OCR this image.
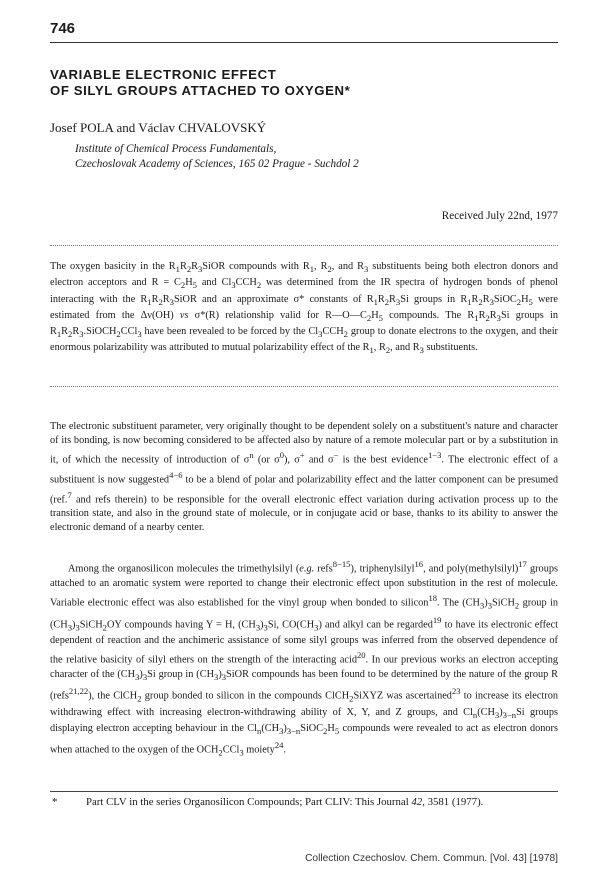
746
VARIABLE ELECTRONIC EFFECT
OF SILYL GROUPS ATTACHED TO OXYGEN*
Josef POLA and Václav CHVALOVSKÝ
Institute of Chemical Process Fundamentals,
Czechoslovak Academy of Sciences, 165 02 Prague - Suchdol 2
Received July 22nd, 1977

The oxygen basicity in the $R_1R_2R_3SiOR$ compounds with $R_1$, $R_2$, and $R_3$ substituents being both electron donors and electron acceptors and $R = C_2H_5$ and $Cl_3CCH_2$ was determined from the IR spectra of hydrogen bonds of phenol interacting with the $R_1R_2R_3SiOR$ and an approximate σ* constants of $R_1R_2R_3Si$ groups in $R_1R_2R_3SiOC_2H_5$ were estimated from the Δν(OH) vs σ*(R) relationship valid for $R—O—C_2H_5$ compounds. The $R_1R_2R_3Si$ groups in $R_1R_2R_3.SiOCH_2CCl_3$ have been revealed to be forced by the $Cl_3CCH_2$ group to donate electrons to the oxygen, and their enormous polarizability was attributed to mutual polarizability effect of the $R_1$, $R_2$, and $R_3$ substituents.

The electronic substituent parameter, very originally thought to be dependent solely on a substituent's nature and character of its bonding, is now becoming considered to be affected also by nature of a remote molecular part or by a substitution in it, of which the necessity of introduction of $\sigma^n$ (or $\sigma^0$), σ+ and σ− is the best evidence$^{1-3}$. The electronic effect of a substituent is now suggested$^{4-6}$ to be a blend of polar and polarizability effect and the latter component can be presumed (ref.$^7$ and refs therein) to be responsible for the overall electronic effect variation during activation process up to the transition state, and also in the ground state of molecule, or in conjugate acid or base, thanks to its ability to answer the electronic demand of a nearby center.

Among the organosilicon molecules the trimethylsilyl (e.g. refs$^{8-15}$), triphenylsilyl$^{16}$, and poly(methylsilyl)$^{17}$ groups attached to an aromatic system were reported to change their electronic effect upon substitution in the rest of molecule. Variable electronic effect was also established for the vinyl group when bonded to silicon$^{18}$. The $(CH_3)_3SiCH_2$ group in $(CH_3)_3SiCH_2OY$ compounds having Y = H, $(CH_3)_3Si$, $CO(CH_3)$ and alkyl can be regarded$^{19}$ to have its electronic effect dependent of reaction and the anchimeric assistance of some silyl groups was inferred from the observed dependence of the relative basicity of silyl ethers on the strength of the interacting acid$^{20}$. In our previous works an electron accepting character of the $(CH_3)_3Si$ group in $(CH_3)_3SiOR$ compounds has been found to be determined by the nature of the group R (refs$^{21,22}$), the ClCH$_2$ group bonded to silicon in the compounds ClCH$_2$SiXYZ was ascertained$^{23}$ to increase its electron withdrawing effect with increasing electron-withdrawing ability of X, Y, and Z groups, and $Cl_n(CH_3)_{3-n}Si$ groups displaying electron accepting behaviour in the $Cl_n(CH_3)_{3-n}SiOC_2H_5$ compounds were revealed to act as electron donors when attached to the oxygen of the $OCH_2CCl_3$ moiety$^{24}$.

*	Part CLV in the series Organosilicon Compounds; Part CLIV: This Journal 42, 3581 (1977).
Collection Czechoslov. Chem. Commun. [Vol. 43] [1978]
